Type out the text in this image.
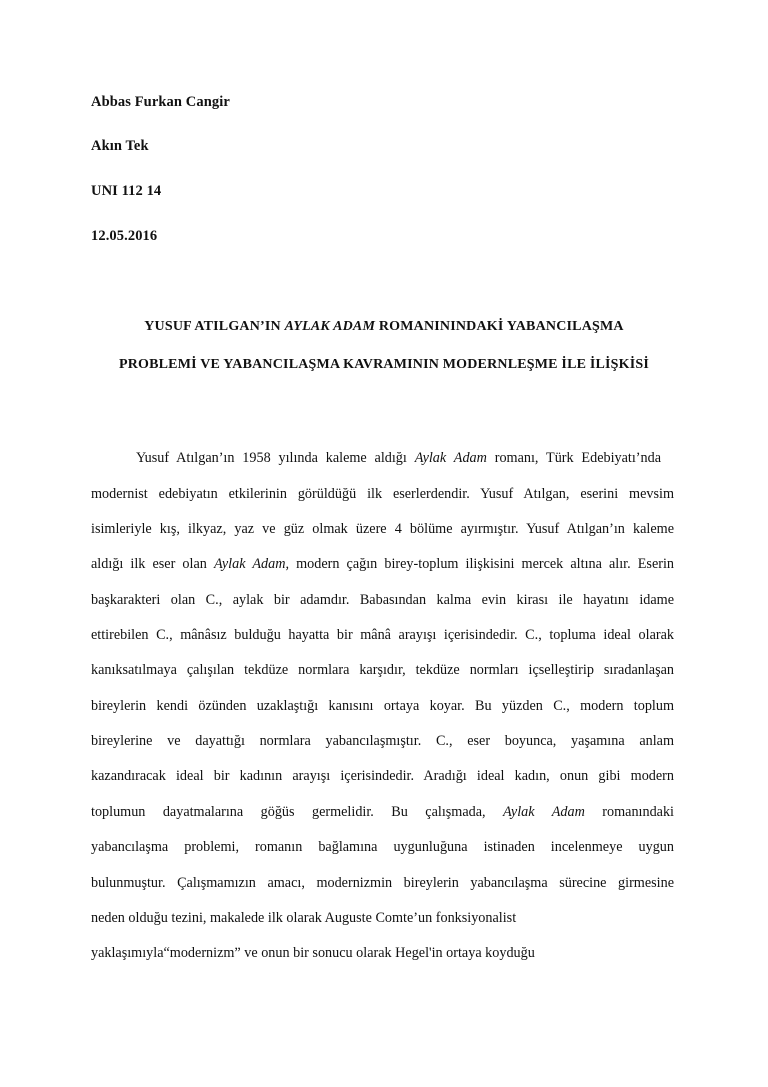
Abbas Furkan Cangir
Akın Tek
UNI 112 14
12.05.2016
YUSUF ATILGAN’IN AYLAK ADAM ROMANININDAKİ YABANCILAŞMA
PROBLEMİ VE YABANCILAŞMA KAVRAMININ MODERNLEŞME İLE İLİŞKİSİ
Yusuf Atılgan’ın 1958 yılında kaleme aldığı Aylak Adam romanı, Türk Edebiyatı’nda
modernist edebiyatın etkilerinin görüldüğü ilk eserlerdendir. Yusuf Atılgan, eserini mevsim
isimleriyle kış, ilkyaz, yaz ve güz olmak üzere 4 bölüme ayırmıştır. Yusuf Atılgan’ın kaleme
aldığı ilk eser olan Aylak Adam, modern çağın birey-toplum ilişkisini mercek altına alır. Eserin
başkarakteri olan C., aylak bir adamdır. Babasından kalma evin kirası ile hayatını idame
ettirebilen C., mânâsız bulduğu hayatta bir mânâ arayışı içerisindedir. C., topluma ideal olarak
kanıksatılmaya çalışılan tekdüze normlara karşıdır, tekdüze normları içselleştirip sıradanlaşan
bireylerin kendi özünden uzaklaştığı kanısını ortaya koyar. Bu yüzden C., modern toplum
bireylerine ve dayattığı normlara yabancılaşmıştır. C., eser boyunca, yaşamına anlam
kazandıracak ideal bir kadının arayışı içerisindedir. Aradığı ideal kadın, onun gibi modern
toplumun dayatmalarına göğüs germelidir. Bu çalışmada, Aylak Adam romanındaki
yabancılaşma problemi, romanın bağlamına uygunluğuna istinaden incelenmeye uygun
bulunmuştur. Çalışmamızın amacı, modernizmin bireylerin yabancılaşma sürecine girmesine
neden olduğu tezini, makalede ilk olarak Auguste Comte’un fonksiyonalist
yaklaşımıyla“modernizm” ve onun bir sonucu olarak Hegel'in ortaya koyduğu
